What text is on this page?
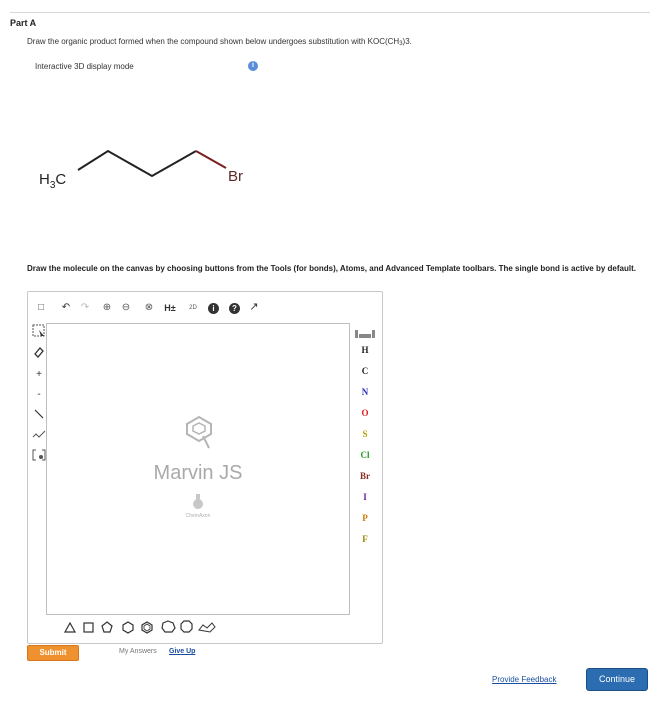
Part A
Draw the organic product formed when the compound shown below undergoes substitution with KOC(CH3)3.
Interactive 3D display mode	i
$H_3C$	Br
Draw the molecule on the canvas by choosing buttons from the Tools (for bonds), Atoms, and Advanced Template toolbars. The single bond is active by default.
□ ↶ ↷ ⊕ ⊖ ⊗ H±	2D	i	? ↗
+
-
Marvin JS
ChemAxon
H
C
N
O
S
Cl
Br
I
P
F
Submit	My Answers Give Up
Provide Feedback	Continue
